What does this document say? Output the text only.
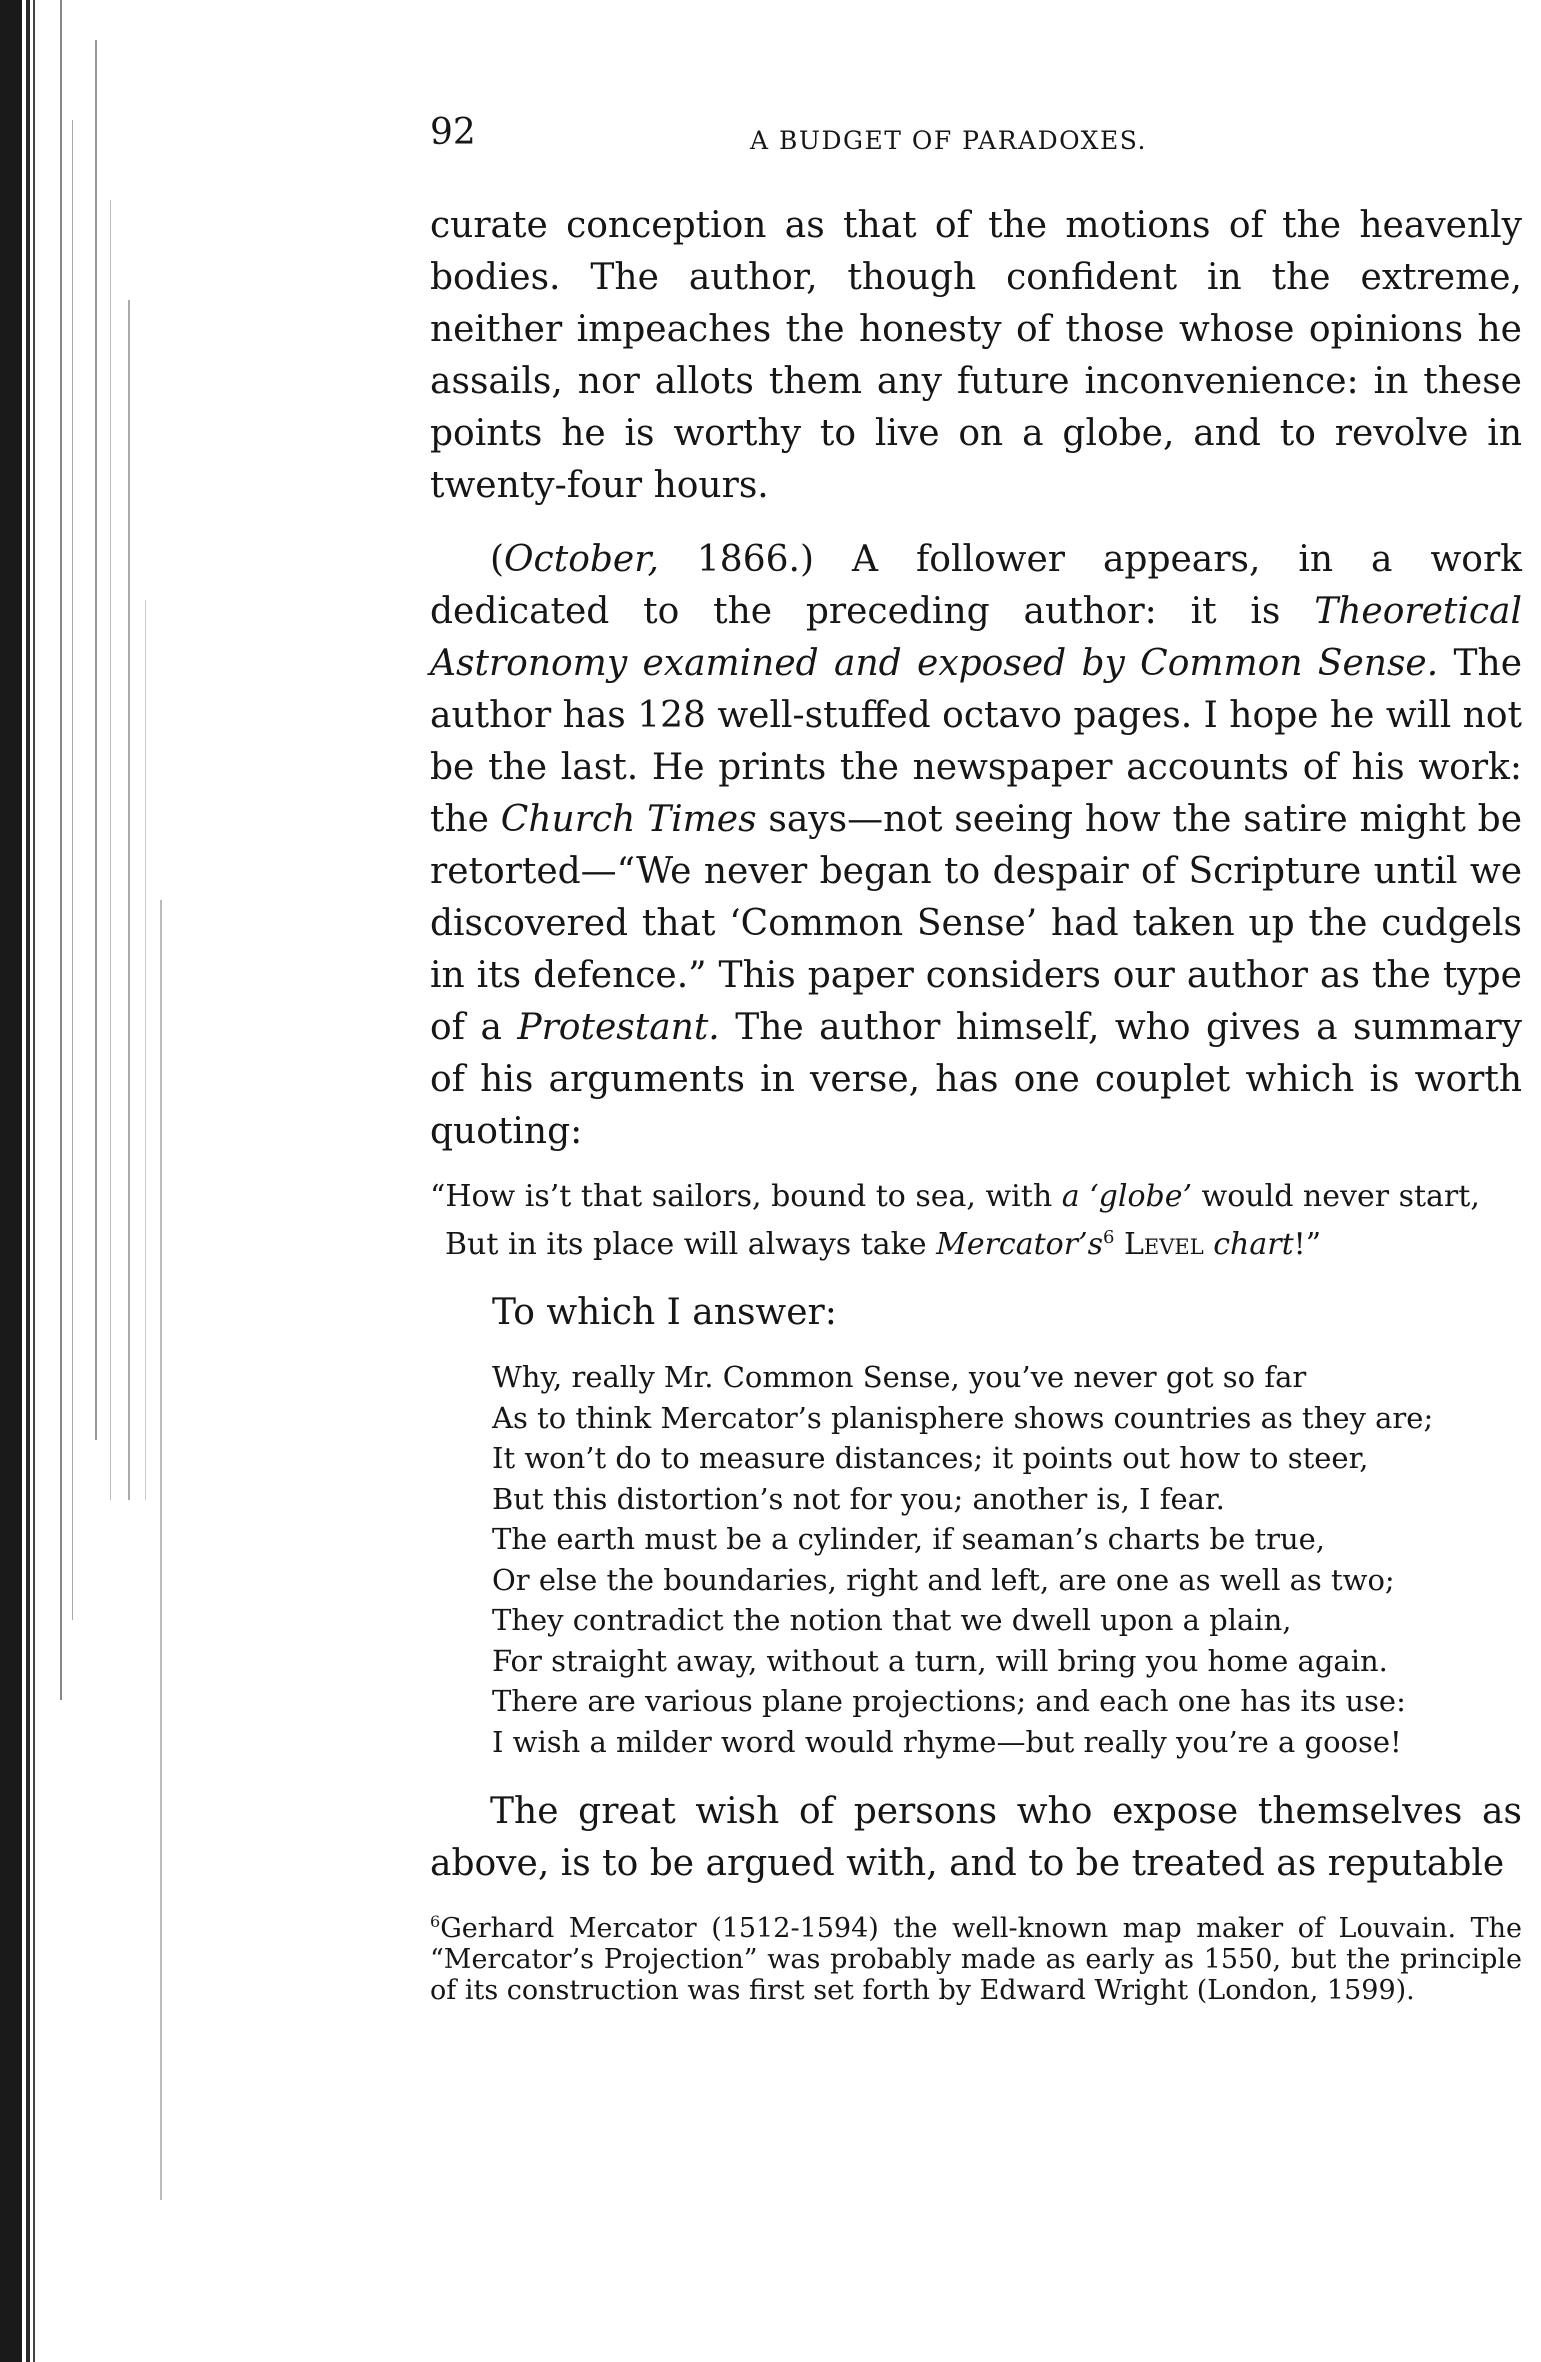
92	A BUDGET OF PARADOXES.

curate conception as that of the motions of the heavenly bodies. The author, though confident in the extreme, neither impeaches the honesty of those whose opinions he assails, nor allots them any future inconvenience: in these points he is worthy to live on a globe, and to revolve in twenty-four hours.

(October, 1866.) A follower appears, in a work dedicated to the preceding author: it is Theoretical Astronomy examined and exposed by Common Sense. The author has 128 well-stuffed octavo pages. I hope he will not be the last. He prints the newspaper accounts of his work: the Church Times says—not seeing how the satire might be retorted—“We never began to despair of Scripture until we discovered that ‘Common Sense’ had taken up the cudgels in its defence.” This paper considers our author as the type of a Protestant. The author himself, who gives a summary of his arguments in verse, has one couplet which is worth quoting:

“How is’t that sailors, bound to sea, with a ‘globe’ would never start,
But in its place will always take $Mercator’s^6$ Level chart!”

To which I answer:

Why, really Mr. Common Sense, you’ve never got so far
As to think Mercator’s planisphere shows countries as they are;
It won’t do to measure distances; it points out how to steer,
But this distortion’s not for you; another is, I fear.
The earth must be a cylinder, if seaman’s charts be true,
Or else the boundaries, right and left, are one as well as two;
They contradict the notion that we dwell upon a plain,
For straight away, without a turn, will bring you home again.
There are various plane projections; and each one has its use:
I wish a milder word would rhyme—but really you’re a goose!

The great wish of persons who expose themselves as above, is to be argued with, and to be treated as reputable

$^6$Gerhard Mercator (1512-1594) the well-known map maker of Louvain. The “Mercator’s Projection” was probably made as early as 1550, but the principle of its construction was first set forth by Edward Wright (London, 1599).
